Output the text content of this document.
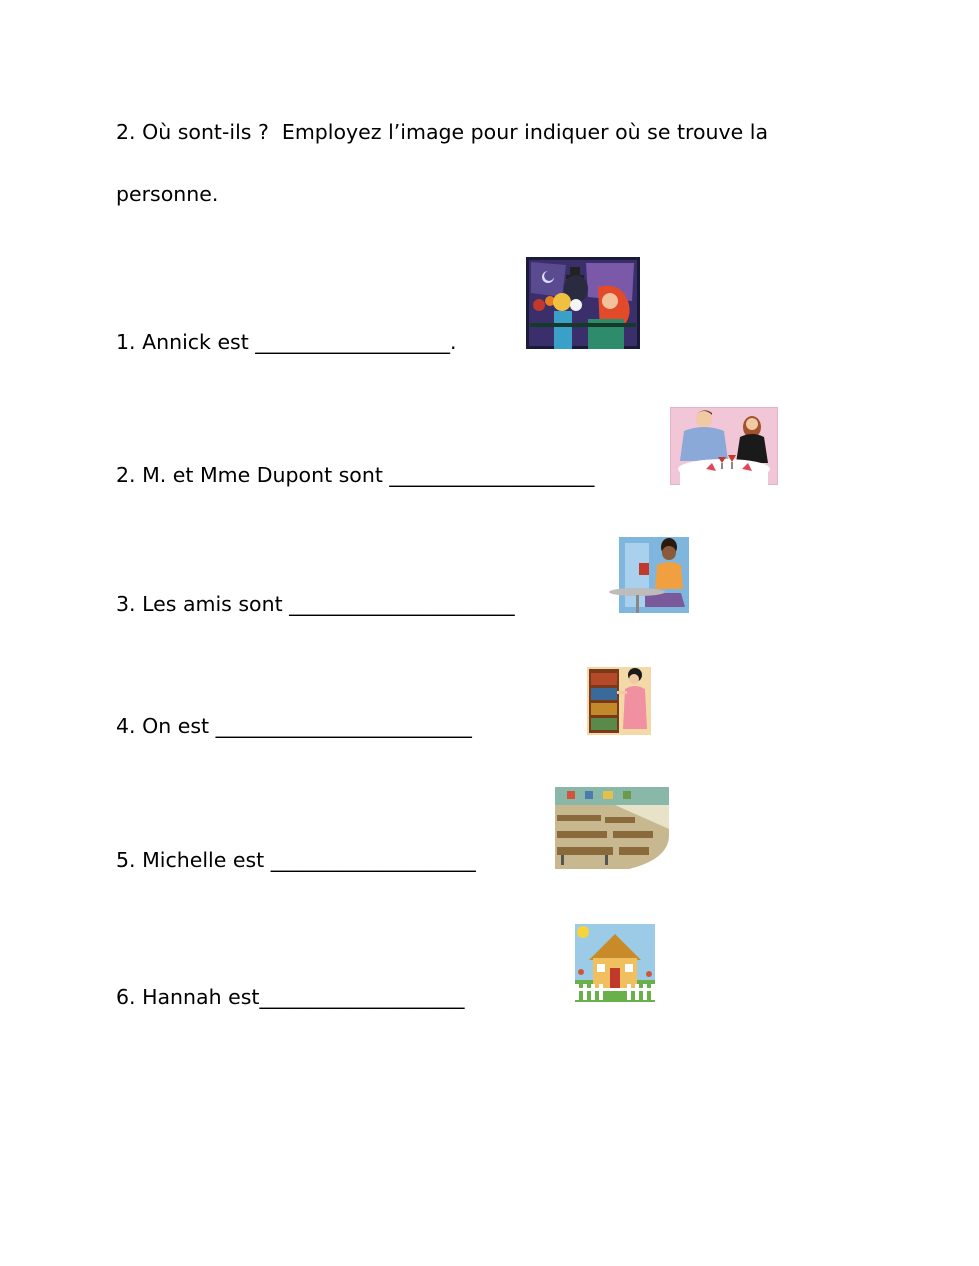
2. Où sont-ils ?  Employez l’image pour indiquer où se trouve la
personne.
1. Annick est ___________________.
2. M. et Mme Dupont sont ____________________
3. Les amis sont ______________________
4. On est _________________________
5. Michelle est ____________________
6. Hannah est____________________
